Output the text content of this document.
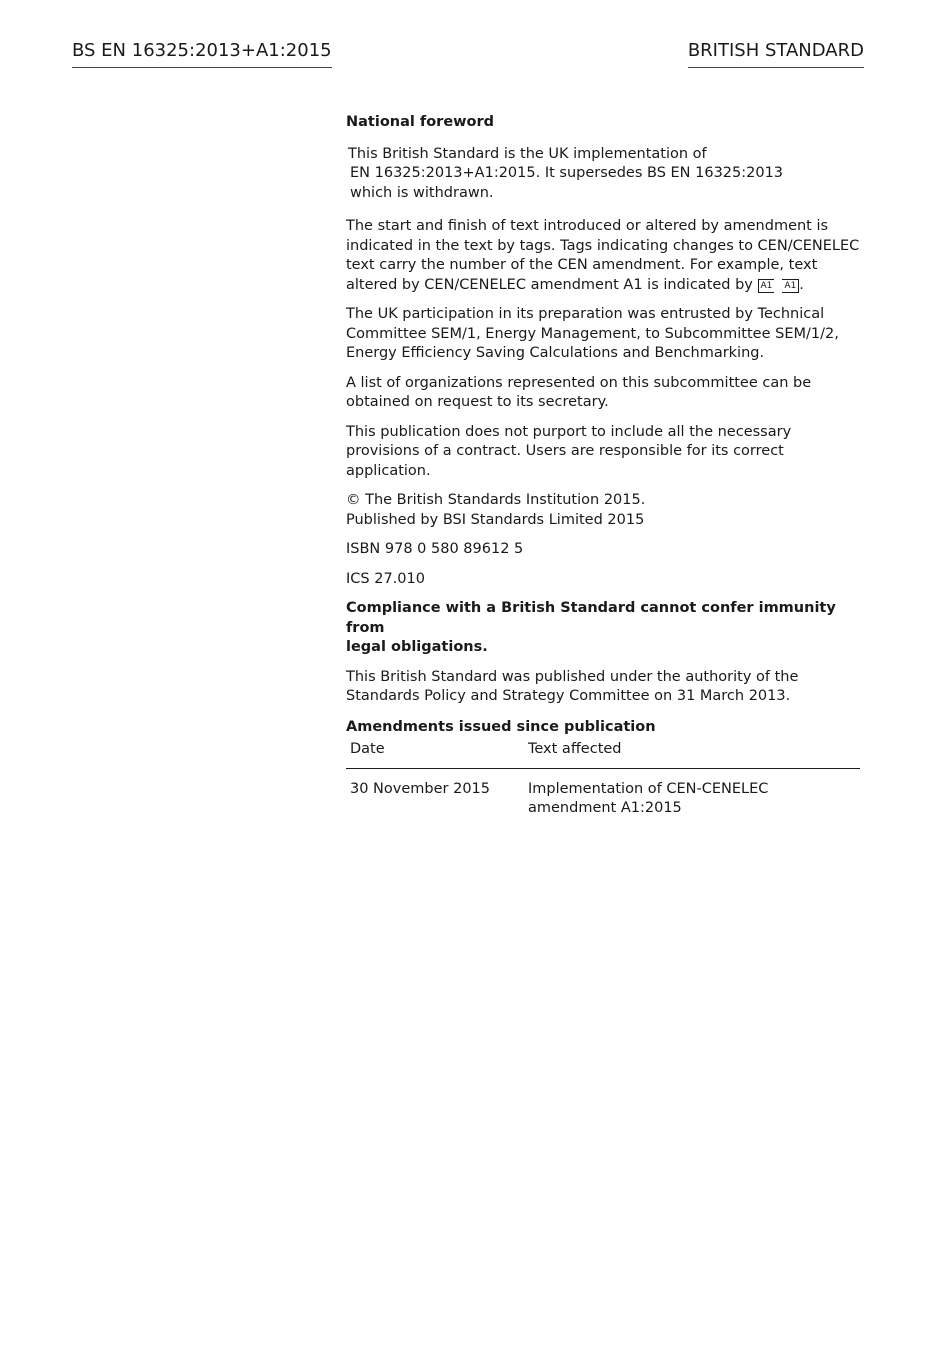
BS EN 16325:2013+A1:2015	BRITISH STANDARD

National foreword

This British Standard is the UK implementation of
EN 16325:2013+A1:2015. It supersedes BS EN 16325:2013
which is withdrawn.

The start and finish of text introduced or altered by amendment is
indicated in the text by tags. Tags indicating changes to CEN/CENELEC
text carry the number of the CEN amendment. For example, text
altered by CEN/CENELEC amendment A1 is indicated by A1 A1 .

The UK participation in its preparation was entrusted by Technical
Committee SEM/1, Energy Management, to Subcommittee SEM/1/2,
Energy Efficiency Saving Calculations and Benchmarking.

A list of organizations represented on this subcommittee can be
obtained on request to its secretary.

This publication does not purport to include all the necessary
provisions of a contract. Users are responsible for its correct
application.

© The British Standards Institution 2015.
Published by BSI Standards Limited 2015

ISBN 978 0 580 89612 5

ICS 27.010

Compliance with a British Standard cannot confer immunity from
legal obligations.

This British Standard was published under the authority of the
Standards Policy and Strategy Committee on 31 March 2013.

Amendments issued since publication

Date	Text affected
30 November 2015	Implementation of CEN-CENELEC
amendment A1:2015
